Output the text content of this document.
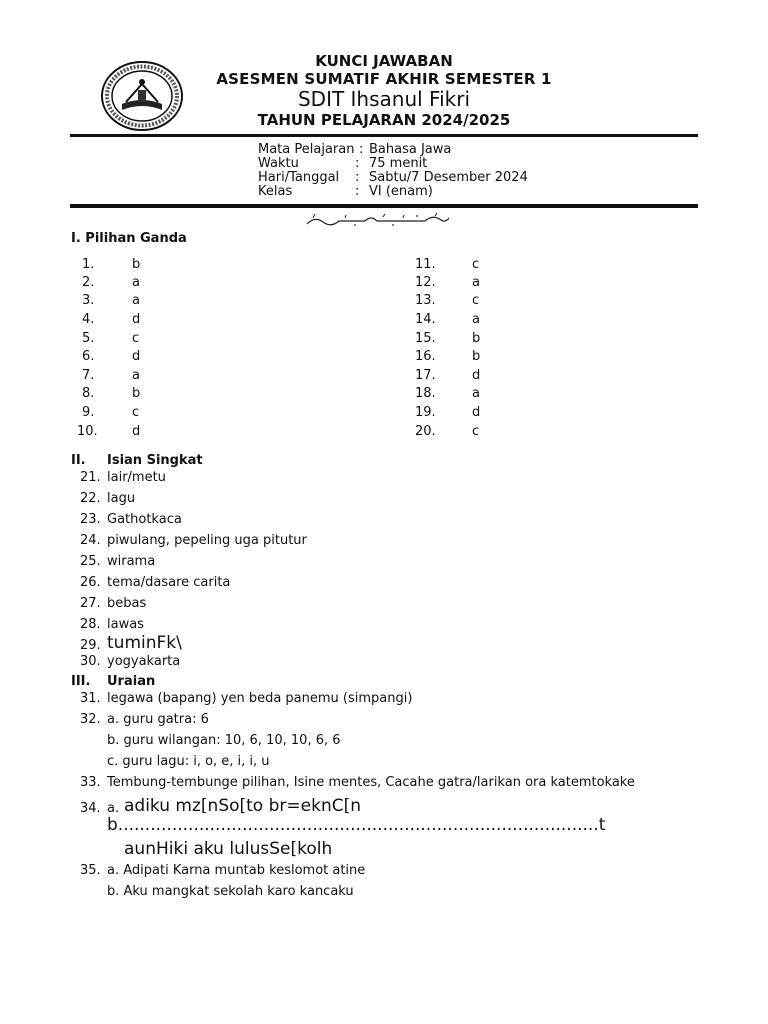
KUNCI JAWABAN
ASESMEN SUMATIF AKHIR SEMESTER 1
SDIT Ihsanul Fikri
TAHUN PELAJARAN 2024/2025
Mata Pelajaran : Bahasa Jawa
Waktu	: 75 menit
Hari/Tanggal : Sabtu/7 Desember 2024
Kelas	: VI (enam)
I. Pilihan Ganda
1.	b
2.	a
3.	a
4.	d
5.	c
6.	d
7.	a
8.	b
9.	c
10.	d
11.	c
12.	a
13.	c
14.	a
15.	b
16.	b
17.	d
18.	a
19.	d
20.	c
II. Isian Singkat
21. lair/metu
22. lagu
23. Gathotkaca
24. piwulang, pepeling uga pitutur
25. wirama
26. tema/dasare carita
27. bebas
28. lawas
29. tuminFk\
30. yogyakarta
III. Uraian
31. legawa (bapang) yen beda panemu (simpangi)
32. a. guru gatra: 6
b. guru wilangan: 10, 6, 10, 10, 6, 6
c. guru lagu: i, o, e, i, i, u
33. Tembung-tembunge pilihan, Isine mentes, Cacahe gatra/larikan ora katemtokake
34. a. adiku mz[nSo[to br=eknC[n
b.........................................................................................t
aunHiki aku lulusSe[kolh
35. a. Adipati Karna muntab keslomot atine
b. Aku mangkat sekolah karo kancaku
